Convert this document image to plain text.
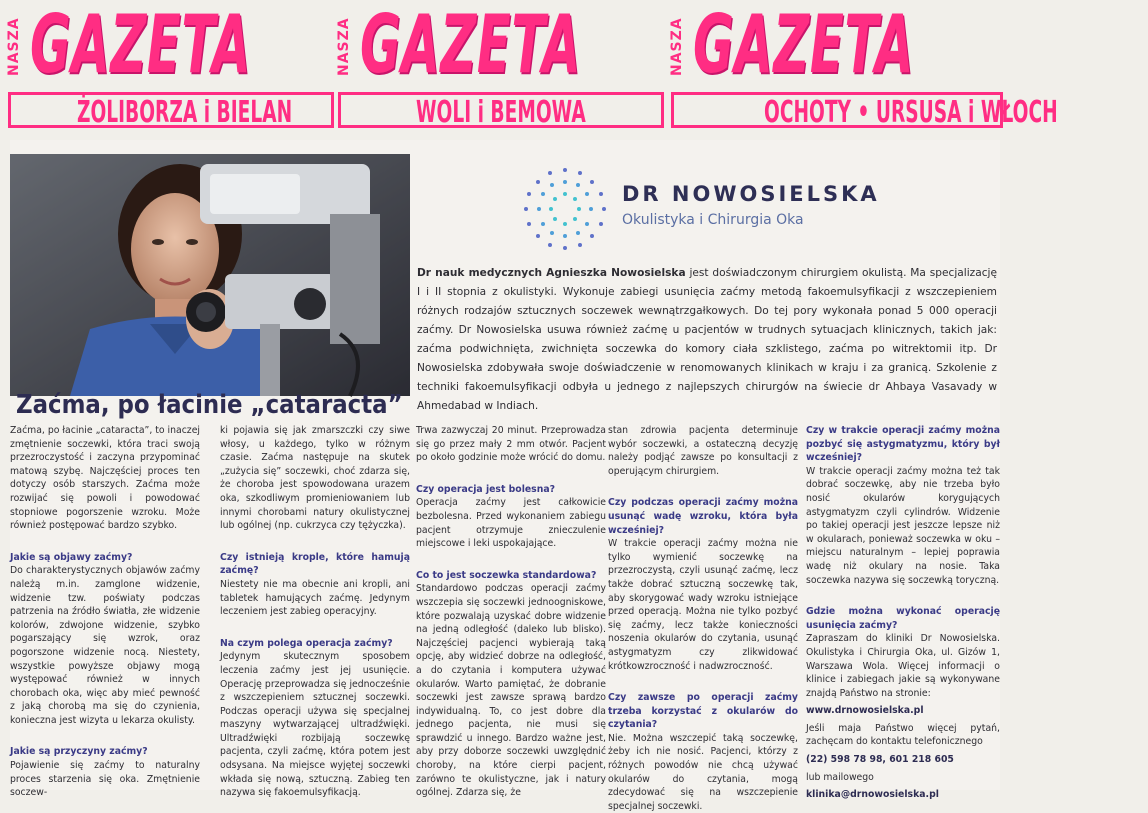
NASZA GAZETA
ŻOLIBORZA i BIELAN
NASZA GAZETA
WOLI i BEMOWA
NASZA GAZETA
OCHOTY • URSUSA i WŁOCH
DR NOWOSIELSKA
Okulistyka i Chirurgia Oka
Dr nauk medycznych Agnieszka Nowosielska jest doświadczonym chirurgiem okulistą. Ma specjalizację I i II stopnia z okulistyki. Wykonuje zabiegi usunięcia zaćmy metodą fakoemulsyfikacji z wszczepieniem różnych rodzajów sztucznych soczewek wewnątrzgałkowych. Do tej pory wykonała ponad 5 000 operacji zaćmy. Dr Nowosielska usuwa również zaćmę u pacjentów w trudnych sytuacjach klinicznych, takich jak: zaćma podwichnięta, zwichnięta soczewka do komory ciała szklistego, zaćma po witrektomii itp. Dr Nowosielska zdobywała swoje doświadczenie w renomowanych klinikach w kraju i za granicą. Szkolenie z techniki fakoemulsyfikacji odbyła u jednego z najlepszych chirurgów na świecie dr Ahbaya Vasavady w Ahmedabad w Indiach.
Zaćma, po łacinie „cataracta”

Zaćma, po łacinie „cataracta”, to inaczej zmętnienie soczewki, która traci swoją przezroczystość i zaczyna przypominać matową szybę. Najczęściej proces ten dotyczy osób starszych. Zaćma może rozwijać się powoli i powodować stopniowe pogorszenie wzroku. Może również postępować bardzo szybko.

Jakie są objawy zaćmy?

Do charakterystycznych objawów zaćmy należą m.in. zamglone widzenie, widzenie tzw. poświaty podczas patrzenia na źródło światła, złe widzenie kolorów, zdwojone widzenie, szybko pogarszający się wzrok, oraz pogorszone widzenie nocą. Niestety, wszystkie powyższe objawy mogą występować również w innych chorobach oka, więc aby mieć pewność z jaką chorobą ma się do czynienia, konieczna jest wizyta u lekarza okulisty.

Jakie są przyczyny zaćmy?

Pojawienie się zaćmy to naturalny proces starzenia się oka. Zmętnienie soczew-

ki pojawia się jak zmarszczki czy siwe włosy, u każdego, tylko w różnym czasie. Zaćma następuje na skutek „zużycia się” soczewki, choć zdarza się, że choroba jest spowodowana urazem oka, szkodliwym promieniowaniem lub innymi chorobami natury okulistycznej lub ogólnej (np. cukrzyca czy tężyczka).

Czy istnieją krople, które hamują zaćmę?

Niestety nie ma obecnie ani kropli, ani tabletek hamujących zaćmę. Jedynym leczeniem jest zabieg operacyjny.

Na czym polega operacja zaćmy?

Jedynym skutecznym sposobem leczenia zaćmy jest jej usunięcie. Operację przeprowadza się jednocześnie z wszczepieniem sztucznej soczewki. Podczas operacji używa się specjalnej maszyny wytwarzającej ultradźwięki. Ultradźwięki rozbijają soczewkę pacjenta, czyli zaćmę, która potem jest odsysana. Na miejsce wyjętej soczewki wkłada się nową, sztuczną. Zabieg ten nazywa się fakoemulsyfikacją.

Trwa zazwyczaj 20 minut. Przeprowadza się go przez mały 2 mm otwór. Pacjent po około godzinie może wrócić do domu.

Czy operacja jest bolesna?

Operacja zaćmy jest całkowicie bezbolesna. Przed wykonaniem zabiegu pacjent otrzymuje znieczulenie miejscowe i leki uspokajające.

Co to jest soczewka standardowa?

Standardowo podczas operacji zaćmy wszczepia się soczewki jednoogniskowe, które pozwalają uzyskać dobre widzenie na jedną odległość (daleko lub blisko). Najczęściej pacjenci wybierają taką opcję, aby widzieć dobrze na odległość, a do czytania i komputera używać okularów. Warto pamiętać, że dobranie soczewki jest zawsze sprawą bardzo indywidualną. To, co jest dobre dla jednego pacjenta, nie musi się sprawdzić u innego. Bardzo ważne jest, aby przy doborze soczewki uwzględnić choroby, na które cierpi pacjent, zarówno te okulistyczne, jak i natury ogólnej. Zdarza się, że

stan zdrowia pacjenta determinuje wybór soczewki, a ostateczną decyzję należy podjąć zawsze po konsultacji z operującym chirurgiem.

Czy podczas operacji zaćmy można usunąć wadę wzroku, która była wcześniej?

W trakcie operacji zaćmy można nie tylko wymienić soczewkę na przezroczystą, czyli usunąć zaćmę, lecz także dobrać sztuczną soczewkę tak, aby skorygować wady wzroku istniejące przed operacją. Można nie tylko pozbyć się zaćmy, lecz także konieczności noszenia okularów do czytania, usunąć astygmatyzm czy zlikwidować krótkowzroczność i nadwzroczność.

Czy zawsze po operacji zaćmy trzeba korzystać z okularów do czytania?

Nie. Można wszczepić taką soczewkę, żeby ich nie nosić. Pacjenci, którzy z różnych powodów nie chcą używać okularów do czytania, mogą zdecydować się na wszczepienie specjalnej soczewki.

Czy w trakcie operacji zaćmy można pozbyć się astygmatyzmu, który był wcześniej?

W trakcie operacji zaćmy można też tak dobrać soczewkę, aby nie trzeba było nosić okularów korygujących astygmatyzm czyli cylindrów. Widzenie po takiej operacji jest jeszcze lepsze niż w okularach, ponieważ soczewka w oku – miejscu naturalnym – lepiej poprawia wadę niż okulary na nosie. Taka soczewka nazywa się soczewką toryczną.

Gdzie można wykonać operację usunięcia zaćmy?

Zapraszam do kliniki Dr Nowosielska. Okulistyka i Chirurgia Oka, ul. Gizów 1, Warszawa Wola. Więcej informacji o klinice i zabiegach jakie są wykonywane znajdą Państwo na stronie:

www.drnowosielska.pl

Jeśli maja Państwo więcej pytań, zachęcam do kontaktu telefonicznego

(22) 598 78 98, 601 218 605

lub mailowego

klinika@drnowosielska.pl
